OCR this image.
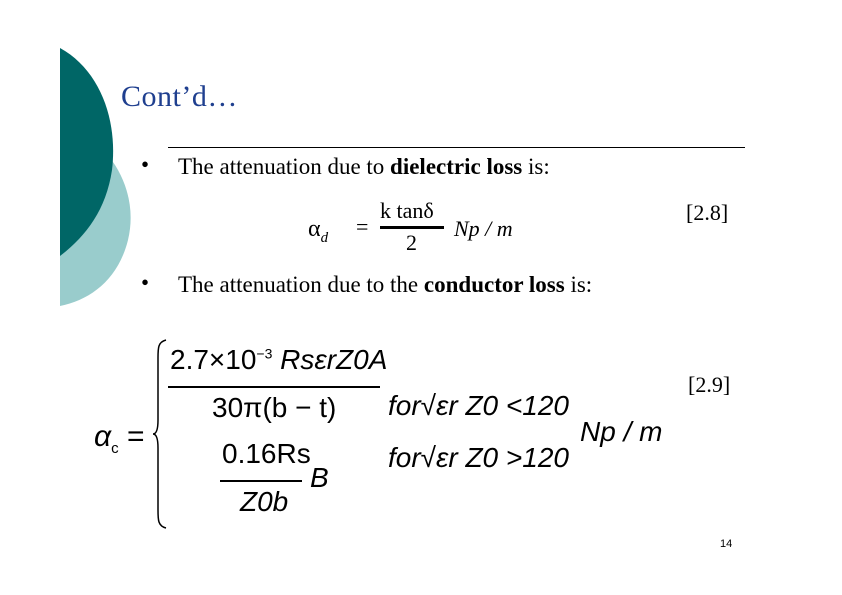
Cont’d…
• The attenuation due to dielectric loss is:
$\alpha_d$ =
k tanδ
2
Np / m
[2.8]
• The attenuation due to the conductor loss is:
$\alpha_c$ =
$2.7\times 10^{-3}$ RsεrZ0A
30π(b − t) for√εr Z0 <120
0.16Rs
Z0b
B
for√εr Z0 >120
Np / m
[2.9]
14
